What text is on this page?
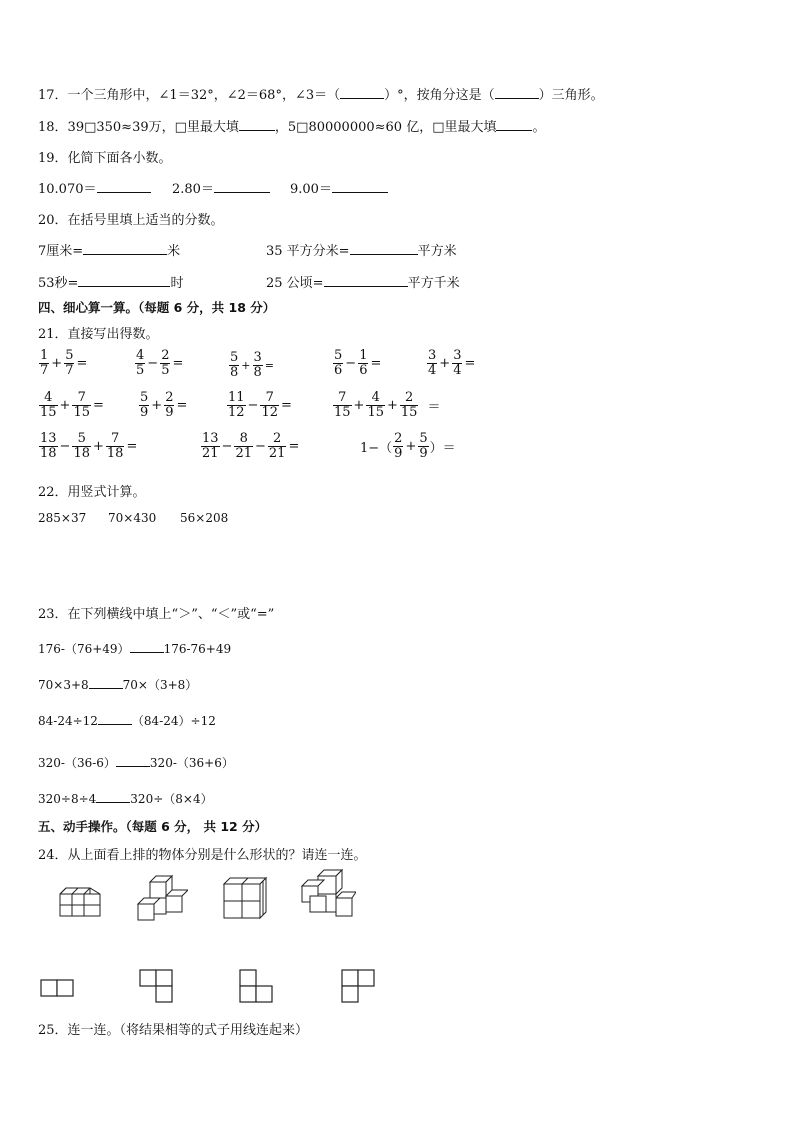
17．一个三角形中，∠1＝32°，∠2＝68°，∠3＝（	）°，按角分这是（	）三角形。
18．39□350≈39万，□里最大填	，5□80000000≈60 亿，□里最大填	。
19．化简下面各小数。
10.070＝	2.80＝	9.00＝
20．在括号里填上适当的分数。
7厘米=	米	35 平方分米=	平方米
53秒=	时	25 公顷=	平方千米
四、细心算一算。（每题 6 分，共 18 分）
21．直接写出得数。
$\frac{1}{7} + \frac{5}{7}$ =	$\frac{4}{5} - \frac{2}{5}$ =	$\frac{5}{8} + \frac{3}{8}$ =	$\frac{5}{6} - \frac{1}{6}$ =	$\frac{3}{4} + \frac{3}{4}$ =
$\frac{4}{15} + \frac{7}{15}$ =	$\frac{5}{9} + \frac{2}{9}$ =	$\frac{11}{12} - \frac{7}{12}$ =	$\frac{7}{15} + \frac{4}{15} + \frac{2}{15}$ ＝
$\frac{13}{18} - \frac{5}{18} + \frac{7}{18}$ =	$\frac{13}{21} - \frac{8}{21} - \frac{2}{21}$ =	$1-( \frac{2}{9} + \frac{5}{9}$ ）＝
22．用竖式计算。
285×37 70×430 56×208
23．在下列横线中填上“＞”、“＜”或“=”
176-（76+49）	176-76+49
70×3+8	70×（3+8）
84-24÷12	（84-24）÷12
320-（36-6）	320-（36+6）
320÷8÷4	320÷（8×4）
五、动手操作。（每题 6 分， 共 12 分）
24．从上面看上排的物体分别是什么形状的？请连一连。
25．连一连。（将结果相等的式子用线连起来）
